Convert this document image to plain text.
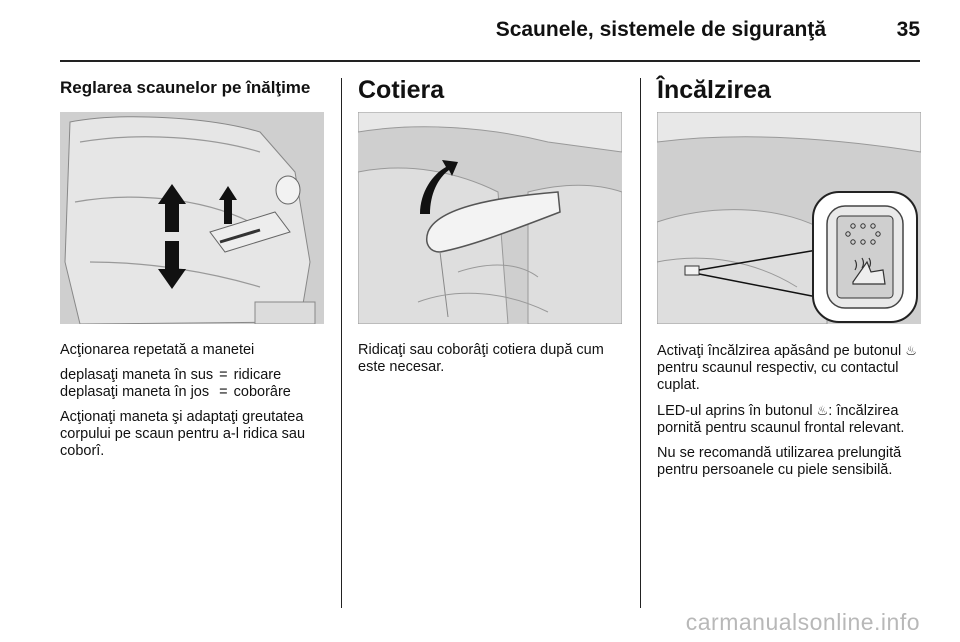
Scaunele, sistemele de siguranţă	35
Reglarea scaunelor pe înălţime

Acţionarea repetată a manetei

deplasaţi maneta în sus	=	ridicare
deplasaţi maneta în jos	=	coborâre

Acţionaţi maneta şi adaptaţi greutatea corpului pe scaun pentru a-l ridica sau coborî.

Cotiera

Ridicaţi sau coborâţi cotiera după cum este necesar.

Încălzirea

Activaţi încălzirea apăsând pe butonul ♨ pentru scaunul respectiv, cu contactul cuplat.

LED-ul aprins în butonul ♨: încălzirea pornită pentru scaunul frontal relevant.

Nu se recomandă utilizarea prelungită pentru persoanele cu piele sensibilă.

carmanualsonline.info
